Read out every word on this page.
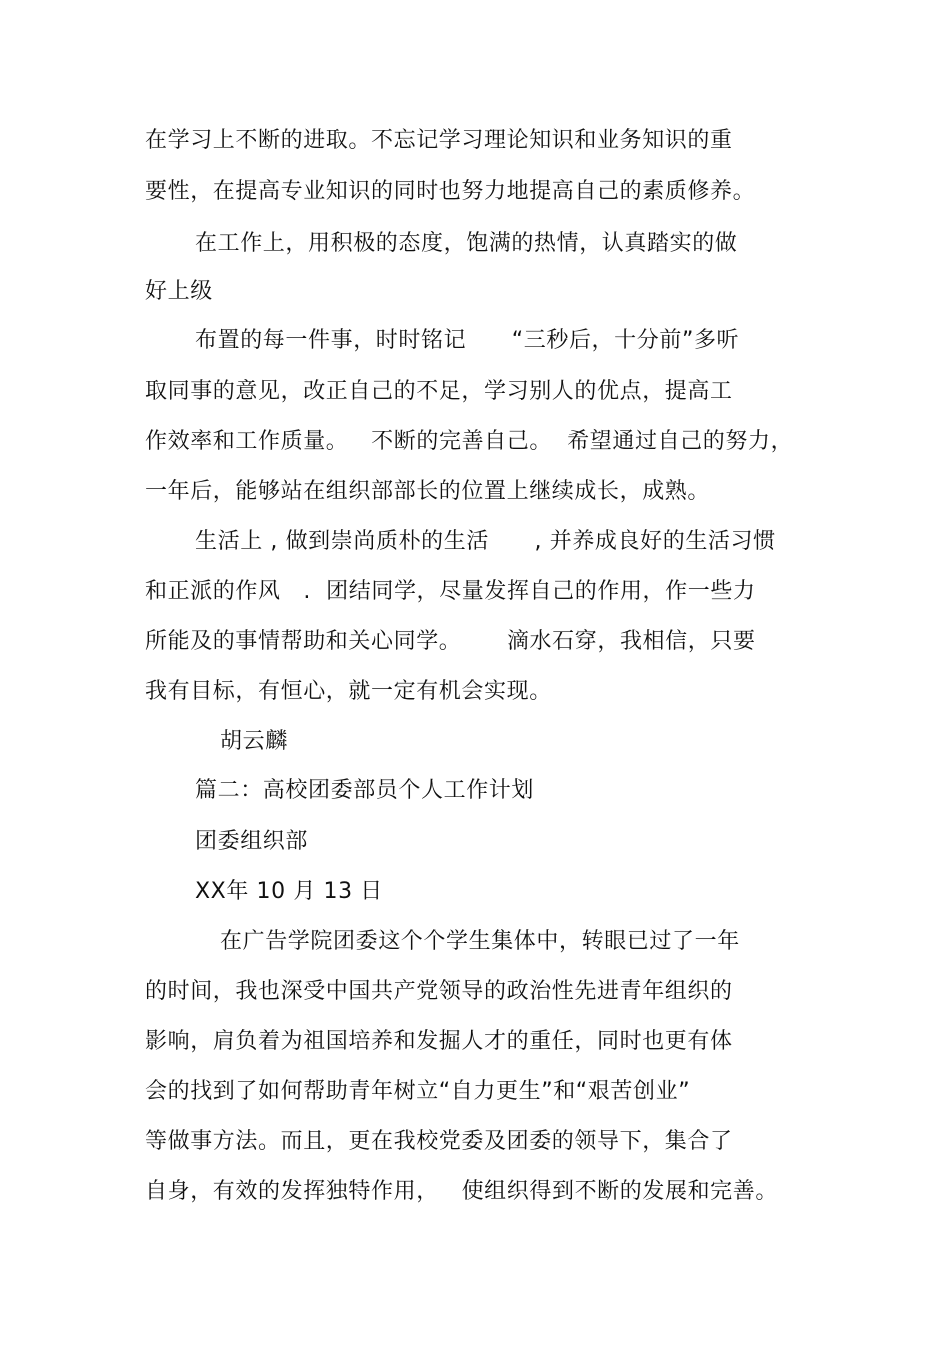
在学习上不断的进取。不忘记学习理论知识和业务知识的重
要性，在提高专业知识的同时也努力地提高自己的素质修养。
在工作上，用积极的态度，饱满的热情，认真踏实的做
好上级
布置的每一件事，时时铭记      “三秒后，十分前”多听
取同事的意见，改正自己的不足，学习别人的优点，提高工
作效率和工作质量。   不断的完善自己。  希望通过自己的努力，
一年后，能够站在组织部部长的位置上继续成长，成熟。
生活上 , 做到崇尚质朴的生活      , 并养成良好的生活习惯
和正派的作风   .  团结同学，尽量发挥自己的作用，作一些力
所能及的事情帮助和关心同学。      滴水石穿，我相信，只要
我有目标，有恒心，就一定有机会实现。
胡云麟
篇二：高校团委部员个人工作计划
团委组织部
XX年 10 月 13 日
在广告学院团委这个个学生集体中，转眼已过了一年
的时间，我也深受中国共产党领导的政治性先进青年组织的
影响，肩负着为祖国培养和发掘人才的重任，同时也更有体
会的找到了如何帮助青年树立“自力更生”和“艰苦创业”
等做事方法。而且，更在我校党委及团委的领导下，集合了
自身，有效的发挥独特作用，   使组织得到不断的发展和完善。
